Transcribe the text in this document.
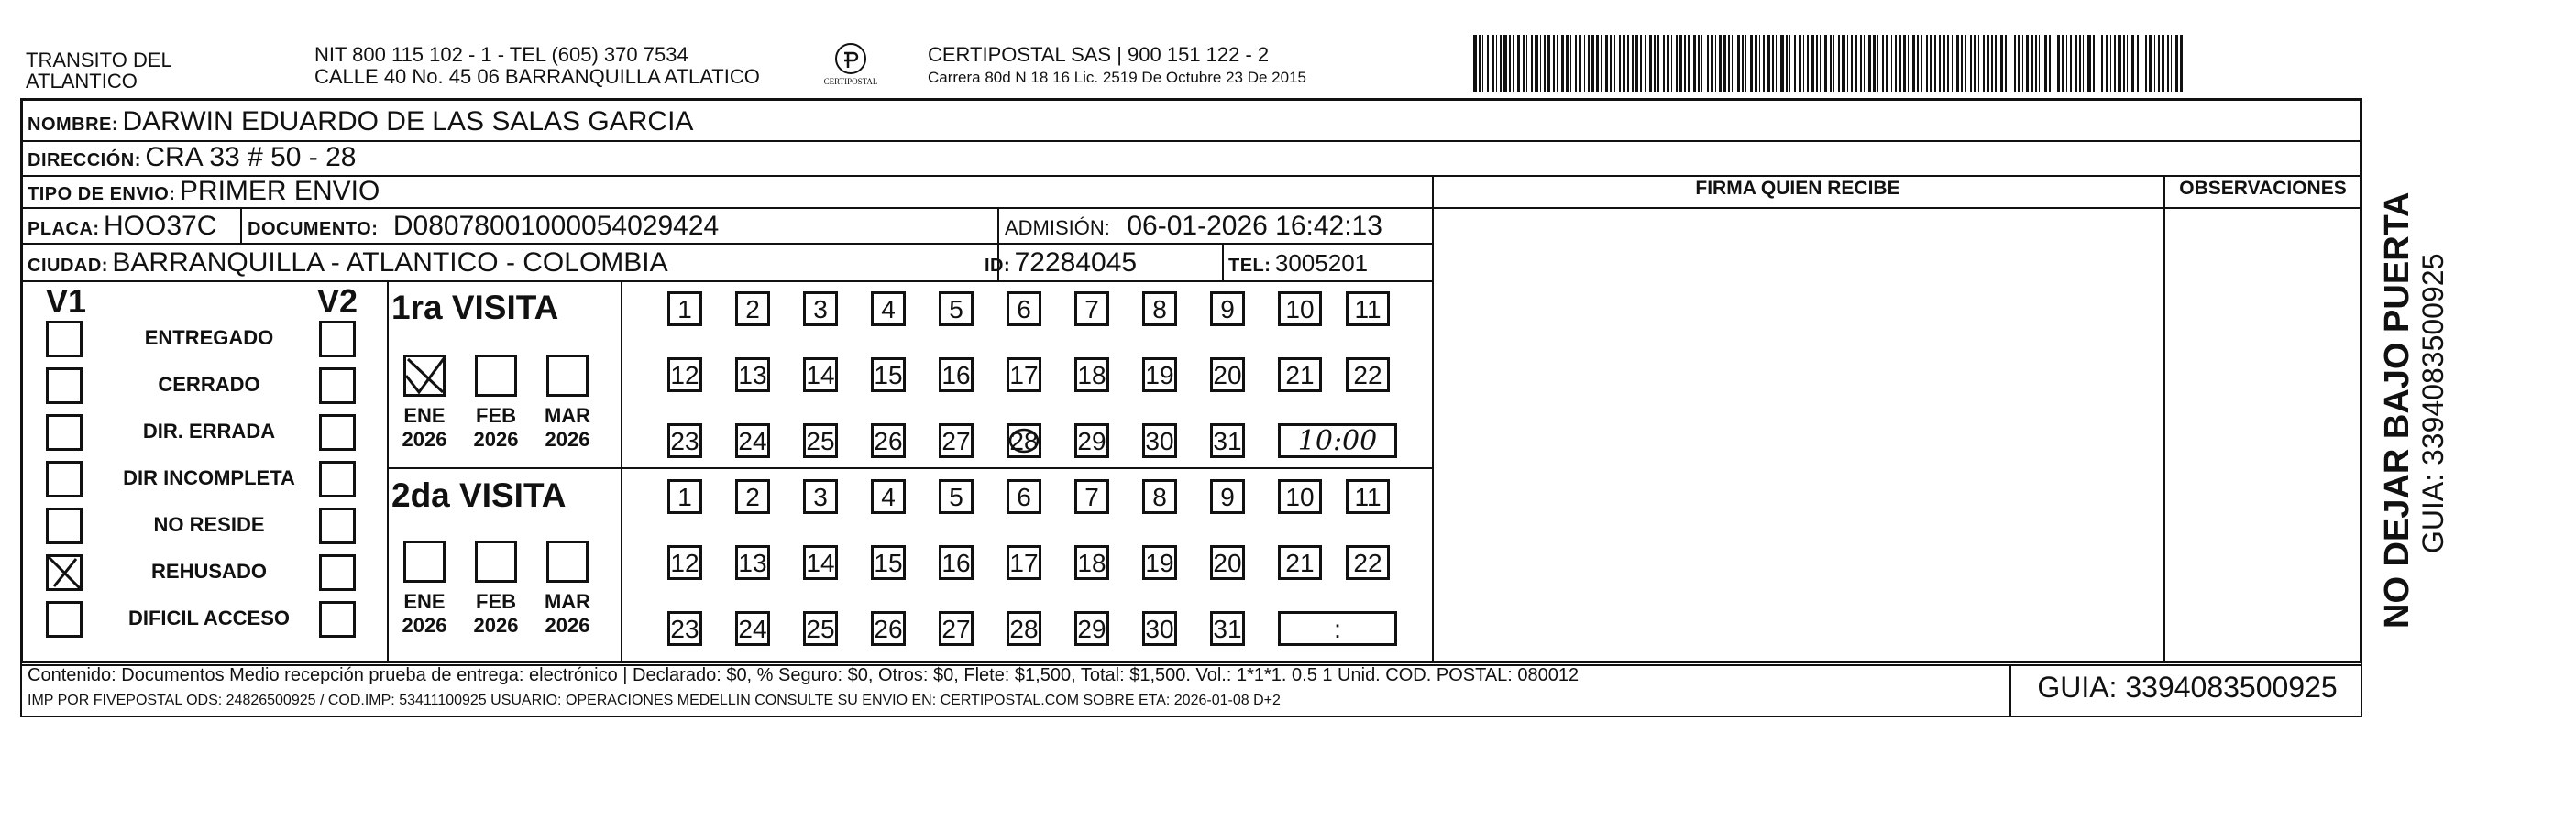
TRANSITO DEL
ATLANTICO
NIT 800 115 102 - 1 - TEL (605) 370 7534
CALLE 40 No. 45 06 BARRANQUILLA ATLATICO	CERTIPOSTAL
CERTIPOSTAL SAS | 900 151 122 - 2
Carrera 80d N 18 16 Lic. 2519 De Octubre 23 De 2015
NOMBRE: DARWIN EDUARDO DE LAS SALAS GARCIA
DIRECCIÓN: CRA 33 # 50 - 28
TIPO DE ENVIO: PRIMER ENVIO
PLACA: HOO37C DOCUMENTO: D08078001000054029424	ADMISIÓN: 06-01-2026 16:42:13
CIUDAD: BARRANQUILLA - ATLANTICO - COLOMBIA	ID: 72284045	TEL: 3005201
FIRMA QUIEN RECIBE	OBSERVACIONES
V1	V2
ENTREGADO
CERRADO
DIR. ERRADA
DIR INCOMPLETA
NO RESIDE
REHUSADO
DIFICIL ACCESO
1ra VISITA
ENE
2026
FEB
2026
MAR
2026
1	2	3	4	5	6	7	8	9	10	11
12 13 14 15 16 17 18 19 20	21	22
23 24 25 26 27 28 29 30 31	10:00
2da VISITA
ENE
2026
FEB
2026
MAR
2026
1	2	3	4	5	6	7	8	9	10	11
12 13 14 15 16 17 18 19 20	21	22
23 24 25 26 27 28 29 30 31	:
Contenido: Documentos Medio recepción prueba de entrega: electrónico | Declarado: $0, % Seguro: $0, Otros: $0, Flete: $1,500, Total: $1,500. Vol.: 1*1*1. 0.5 1 Unid. COD. POSTAL: 080012
IMP POR FIVEPOSTAL ODS: 24826500925 / COD.IMP: 53411100925 USUARIO: OPERACIONES MEDELLIN CONSULTE SU ENVIO EN: CERTIPOSTAL.COM SOBRE ETA: 2026-01-08 D+2	GUIA: 3394083500925
NO DEJAR BAJO PUERTA GUIA: 3394083500925
